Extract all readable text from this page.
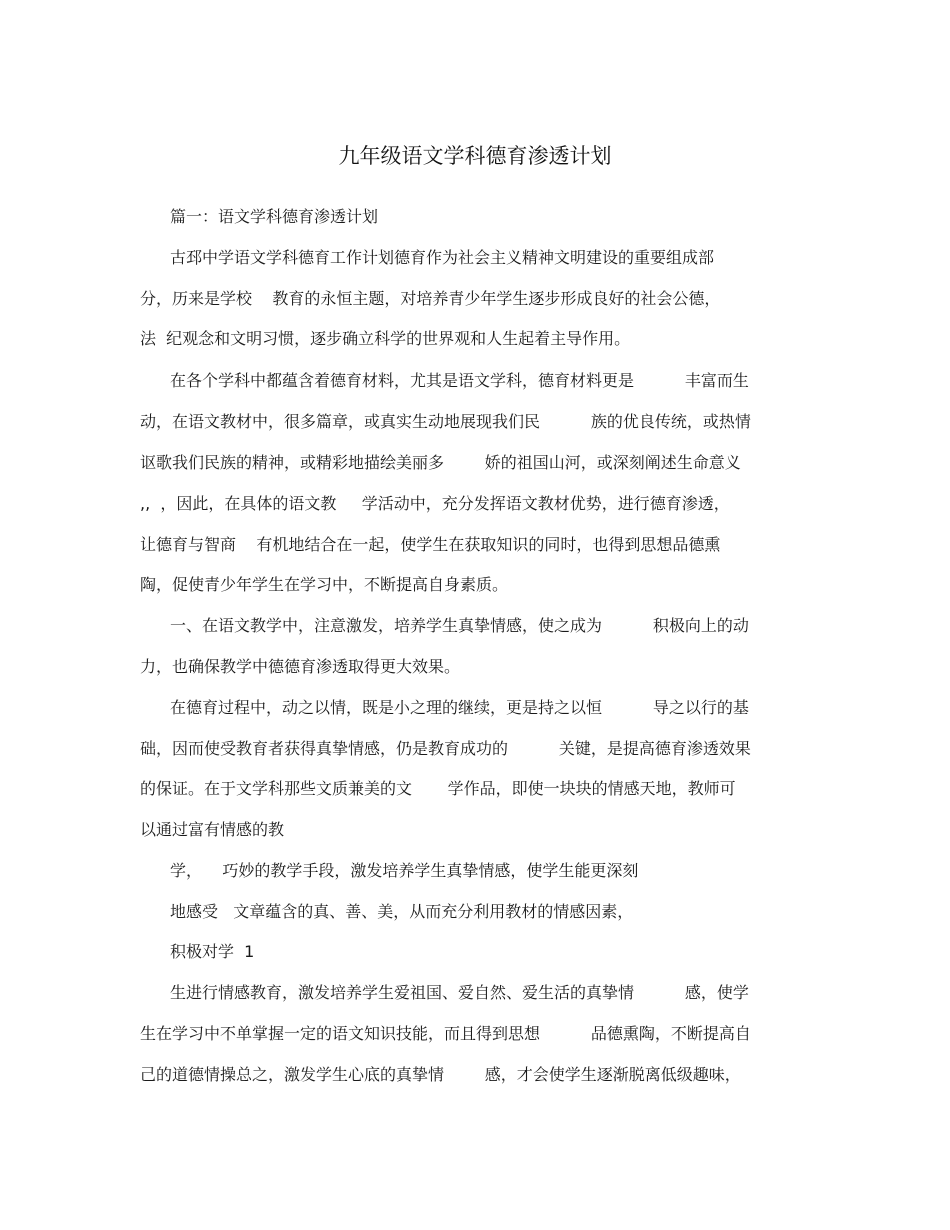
九年级语文学科德育渗透计划

篇一：语文学科德育渗透计划

古邳中学语文学科德育工作计划德育作为社会主义精神文明建设的重要组成部

分，历来是学校    教育的永恒主题，对培养青少年学生逐步形成良好的社会公德，

法  纪观念和文明习惯，逐步确立科学的世界观和人生起着主导作用。

在各个学科中都蕴含着德育材料，尤其是语文学科，德育材料更是          丰富而生

动，在语文教材中，很多篇章，或真实生动地展现我们民          族的优良传统，或热情

讴歌我们民族的精神，或精彩地描绘美丽多        娇的祖国山河，或深刻阐述生命意义

,,  ，因此，在具体的语文教     学活动中，充分发挥语文教材优势，进行德育渗透，

让德育与智商    有机地结合在一起，使学生在获取知识的同时，也得到思想品德熏

陶，促使青少年学生在学习中，不断提高自身素质。

一、在语文教学中，注意激发，培养学生真挚情感，使之成为          积极向上的动

力，也确保教学中德德育渗透取得更大效果。

在德育过程中，动之以情，既是小之理的继续，更是持之以恒          导之以行的基

础，因而使受教育者获得真挚情感，仍是教育成功的          关键，是提高德育渗透效果

的保证。在于文学科那些文质兼美的文       学作品，即使一块块的情感天地，教师可

以通过富有情感的教

学，    巧妙的教学手段，激发培养学生真挚情感，使学生能更深刻

地感受   文章蕴含的真、善、美，从而充分利用教材的情感因素，

积极对学  1

生进行情感教育，激发培养学生爱祖国、爱自然、爱生活的真挚情          感，使学

生在学习中不单掌握一定的语文知识技能，而且得到思想          品德熏陶，不断提高自

己的道德情操总之，激发学生心底的真挚情        感，才会使学生逐渐脱离低级趣味，
